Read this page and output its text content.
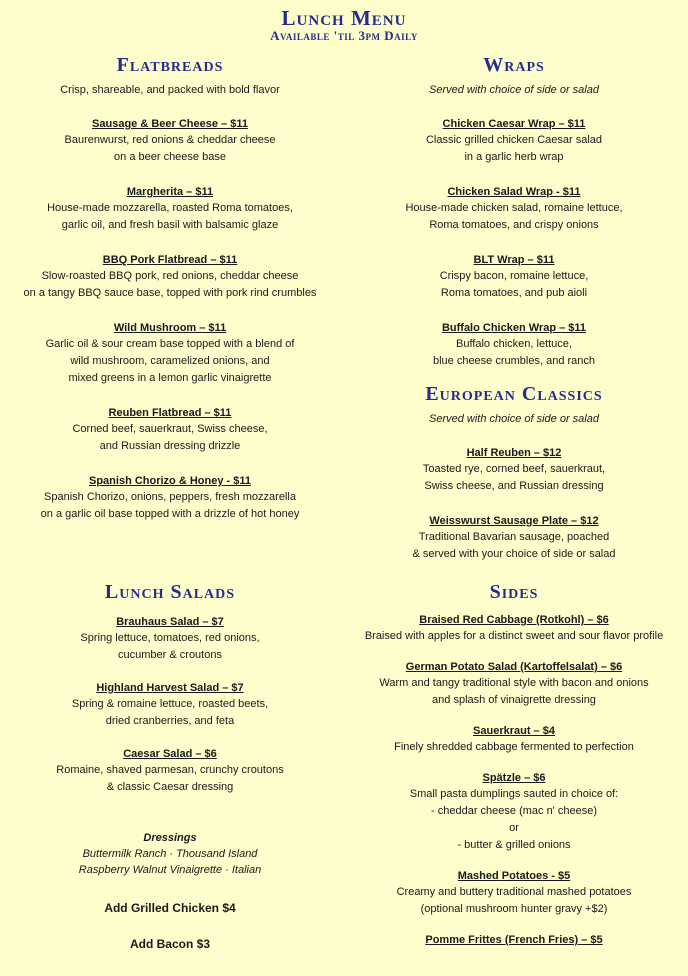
Lunch Menu
Available 'til 3pm Daily
Flatbreads
Crisp, shareable, and packed with bold flavor
Sausage & Beer Cheese – $11
Baurenwurst, red onions & cheddar cheese
on a beer cheese base
Margherita – $11
House-made mozzarella, roasted Roma tomatoes,
garlic oil, and fresh basil with balsamic glaze
BBQ Pork Flatbread – $11
Slow-roasted BBQ pork, red onions, cheddar cheese
on a tangy BBQ sauce base, topped with pork rind crumbles
Wild Mushroom – $11
Garlic oil & sour cream base topped with a blend of
wild mushroom, caramelized onions, and
mixed greens in a lemon garlic vinaigrette
Reuben Flatbread – $11
Corned beef, sauerkraut, Swiss cheese,
and Russian dressing drizzle
Spanish Chorizo & Honey - $11
Spanish Chorizo, onions, peppers, fresh mozzarella
on a garlic oil base topped with a drizzle of hot honey
Wraps
Served with choice of side or salad
Chicken Caesar Wrap – $11
Classic grilled chicken Caesar salad
in a garlic herb wrap
Chicken Salad Wrap - $11
House-made chicken salad, romaine lettuce,
Roma tomatoes, and crispy onions
BLT Wrap – $11
Crispy bacon, romaine lettuce,
Roma tomatoes, and pub aioli
Buffalo Chicken Wrap – $11
Buffalo chicken, lettuce,
blue cheese crumbles, and ranch
European Classics
Served with choice of side or salad
Half Reuben – $12
Toasted rye, corned beef, sauerkraut,
Swiss cheese, and Russian dressing
Weisswurst Sausage Plate – $12
Traditional Bavarian sausage, poached
& served with your choice of side or salad
Lunch Salads
Brauhaus Salad – $7
Spring lettuce, tomatoes, red onions,
cucumber & croutons
Highland Harvest Salad – $7
Spring & romaine lettuce, roasted beets,
dried cranberries, and feta
Caesar Salad – $6
Romaine, shaved parmesan, crunchy croutons
& classic Caesar dressing
Dressings
Buttermilk Ranch · Thousand Island
Raspberry Walnut Vinaigrette · Italian
Add Grilled Chicken $4
Add Bacon $3
Sides
Braised Red Cabbage (Rotkohl) – $6
Braised with apples for a distinct sweet and sour flavor profile
German Potato Salad (Kartoffelsalat) – $6
Warm and tangy traditional style with bacon and onions
and splash of vinaigrette dressing
Sauerkraut – $4
Finely shredded cabbage fermented to perfection
Spätzle – $6
Small pasta dumplings sauted in choice of:
- cheddar cheese (mac n' cheese)
or
- butter & grilled onions
Mashed Potatoes - $5
Creamy and buttery traditional mashed potatoes
(optional mushroom hunter gravy +$2)
Pomme Frittes (French Fries) – $5
